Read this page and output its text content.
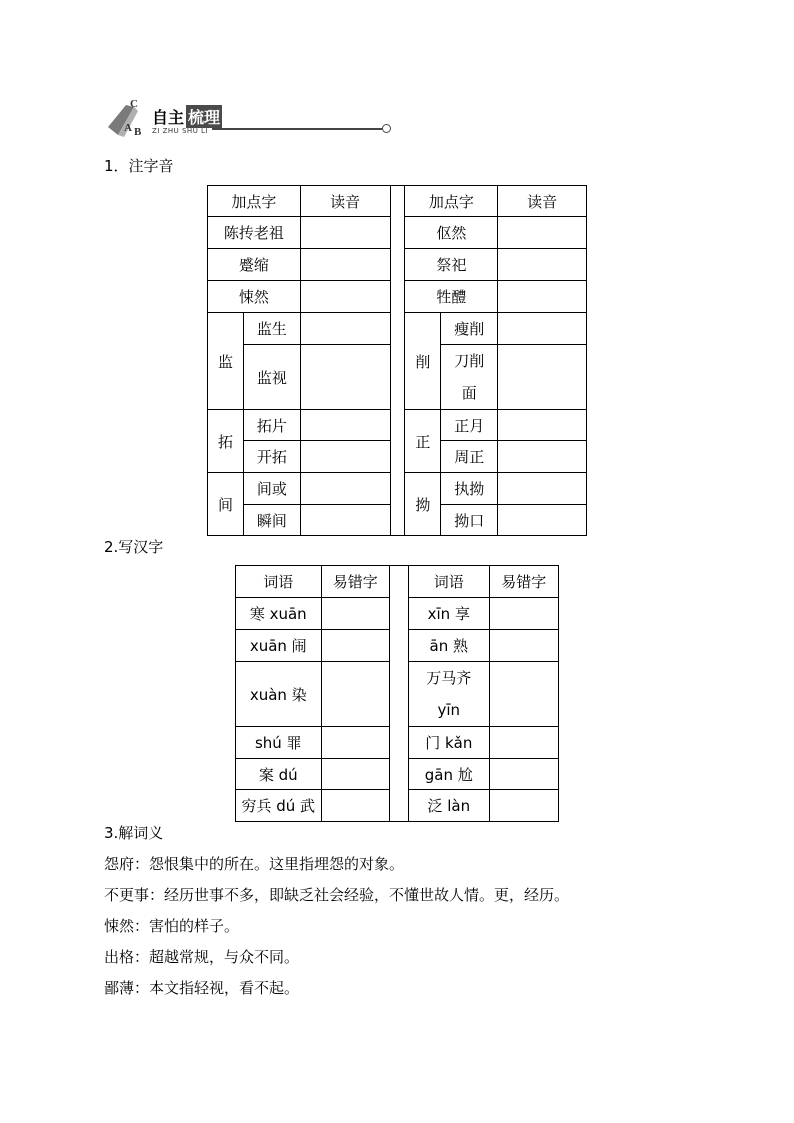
C
A B
自主 梳理
ZI ZHU SHU LI
1．注字音
加点字		读音		加点字		读音
陈抟老祖				伛然		
蹙缩				祭祀		
悚然				牲醴		
监	监生			削	瘦削	
	监视				刀削
面	

拓	拓片			正	正月	
	开拓				周正	
间	间或			拗	执拗	
	瞬间				拗口	
2.写汉字
词语	易错字		词语	易错字
寒 xuān			xīn 享	
xuān 闹			ān 熟	
xuàn 染			万马齐
yīn	

shú 罪			门 kǎn	
案 dú			gān 尬	
穷兵 dú 武			泛 làn	
3.解词义
怨府：怨恨集中的所在。这里指埋怨的对象。
不更事：经历世事不多，即缺乏社会经验，不懂世故人情。更，经历。
悚然：害怕的样子。
出格：超越常规，与众不同。
鄙薄：本文指轻视，看不起。
